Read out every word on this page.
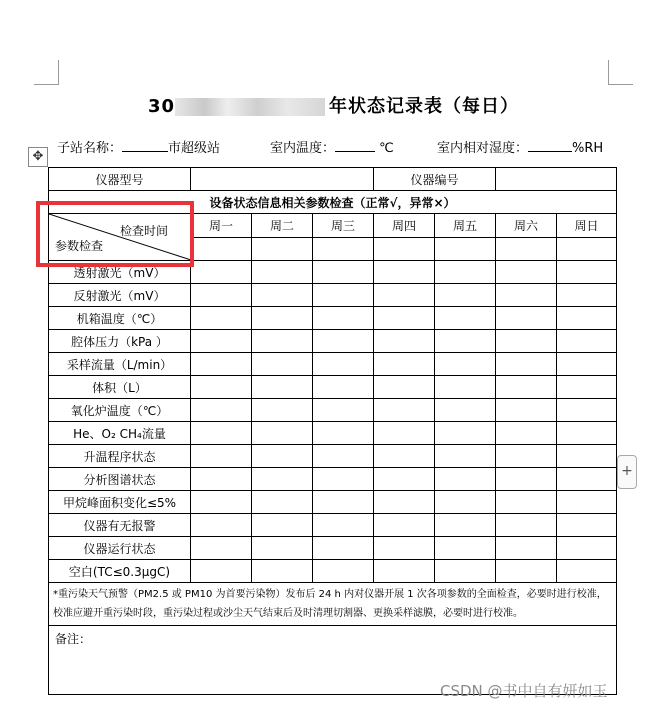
30	年状态记录表（每日）
子站名称：	市超级站	室内温度：	℃	室内相对湿度：	%RH
✥
仪器型号				仪器编号			
设备状态信息相关参数检查（正常√，异常×）							

检查时间
参数检查	周一	周二	周三	周四	周五	周六	周日

透射激光（mV）							
反射激光（mV）							
机箱温度（℃）							
腔体压力（kPa ）							
采样流量（L/min）							
体积（L）							
氧化炉温度（℃）							
He、O₂ CH₄流量							
升温程序状态							
分析图谱状态							
甲烷峰面积变化≤5%							
仪器有无报警							
仪器运行状态							
空白(TC≤0.3μgC)							
*重污染天气预警（PM2.5 或 PM10 为首要污染物）发布后 24 h 内对仪器开展 1 次各项参数的全面检查，必要时进行校准，校准应避开重污染时段，重污染过程或沙尘天气结束后及时清理切割器、更换采样滤膜，必要时进行校准。							
备注：							
+
CSDN @书中自有妍如玉
